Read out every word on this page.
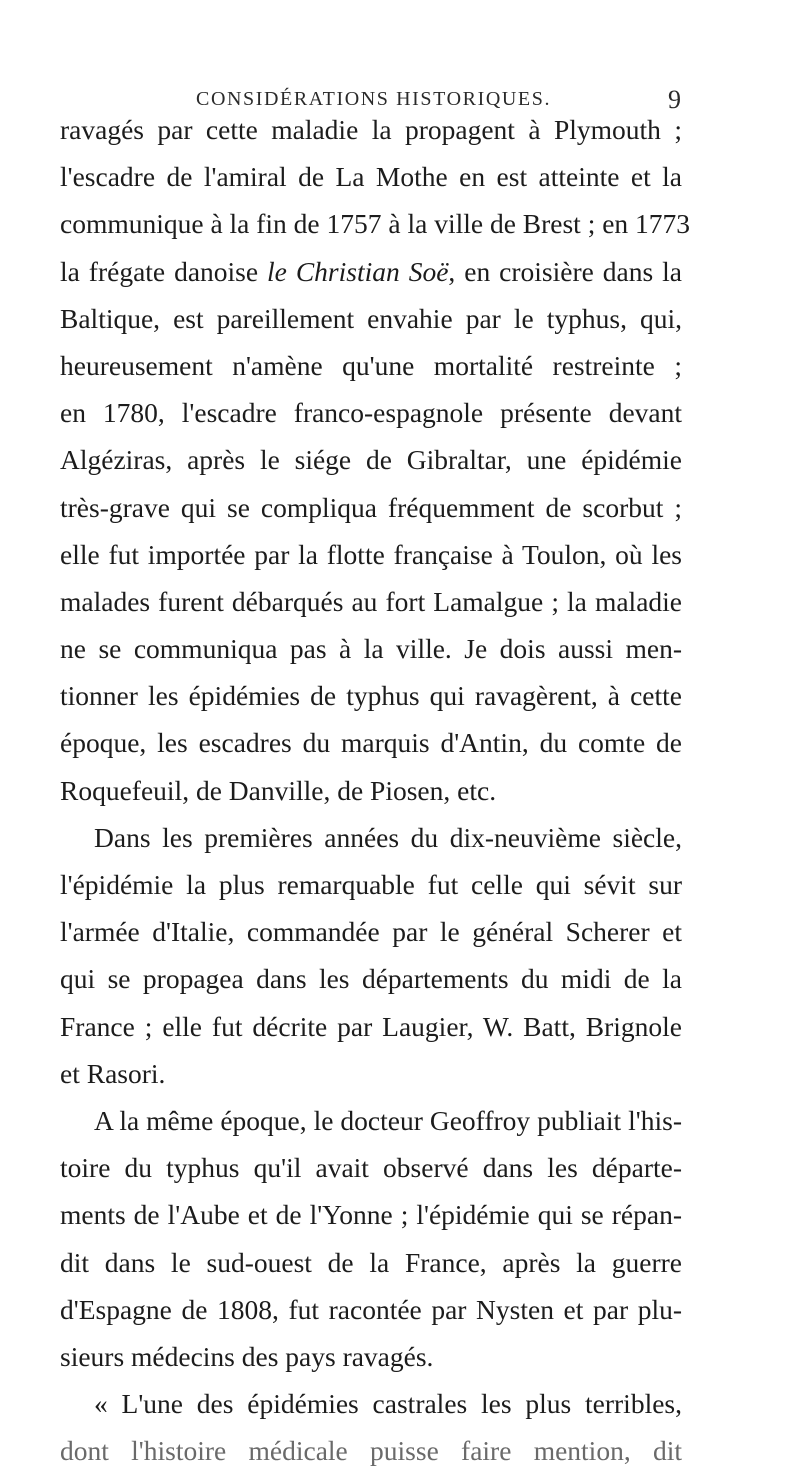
CONSIDÉRATIONS HISTORIQUES.	9
ravagés par cette maladie la propagent à Plymouth ;
l'escadre de l'amiral de La Mothe en est atteinte et la
communique à la fin de 1757 à la ville de Brest ; en 1773
la frégate danoise le Christian Soë, en croisière dans la
Baltique, est pareillement envahie par le typhus, qui,
heureusement n'amène qu'une mortalité restreinte ;
en 1780, l'escadre franco-espagnole présente devant
Algéziras, après le siége de Gibraltar, une épidémie
très-grave qui se compliqua fréquemment de scorbut ;
elle fut importée par la flotte française à Toulon, où les
malades furent débarqués au fort Lamalgue ; la maladie
ne se communiqua pas à la ville. Je dois aussi men-
tionner les épidémies de typhus qui ravagèrent, à cette
époque, les escadres du marquis d'Antin, du comte de
Roquefeuil, de Danville, de Piosen, etc.
Dans les premières années du dix-neuvième siècle,
l'épidémie la plus remarquable fut celle qui sévit sur
l'armée d'Italie, commandée par le général Scherer et
qui se propagea dans les départements du midi de la
France ; elle fut décrite par Laugier, W. Batt, Brignole
et Rasori.
A la même époque, le docteur Geoffroy publiait l'his-
toire du typhus qu'il avait observé dans les départe-
ments de l'Aube et de l'Yonne ; l'épidémie qui se répan-
dit dans le sud-ouest de la France, après la guerre
d'Espagne de 1808, fut racontée par Nysten et par plu-
sieurs médecins des pays ravagés.
« L'une des épidémies castrales les plus terribles,
dont l'histoire médicale puisse faire mention, dit
